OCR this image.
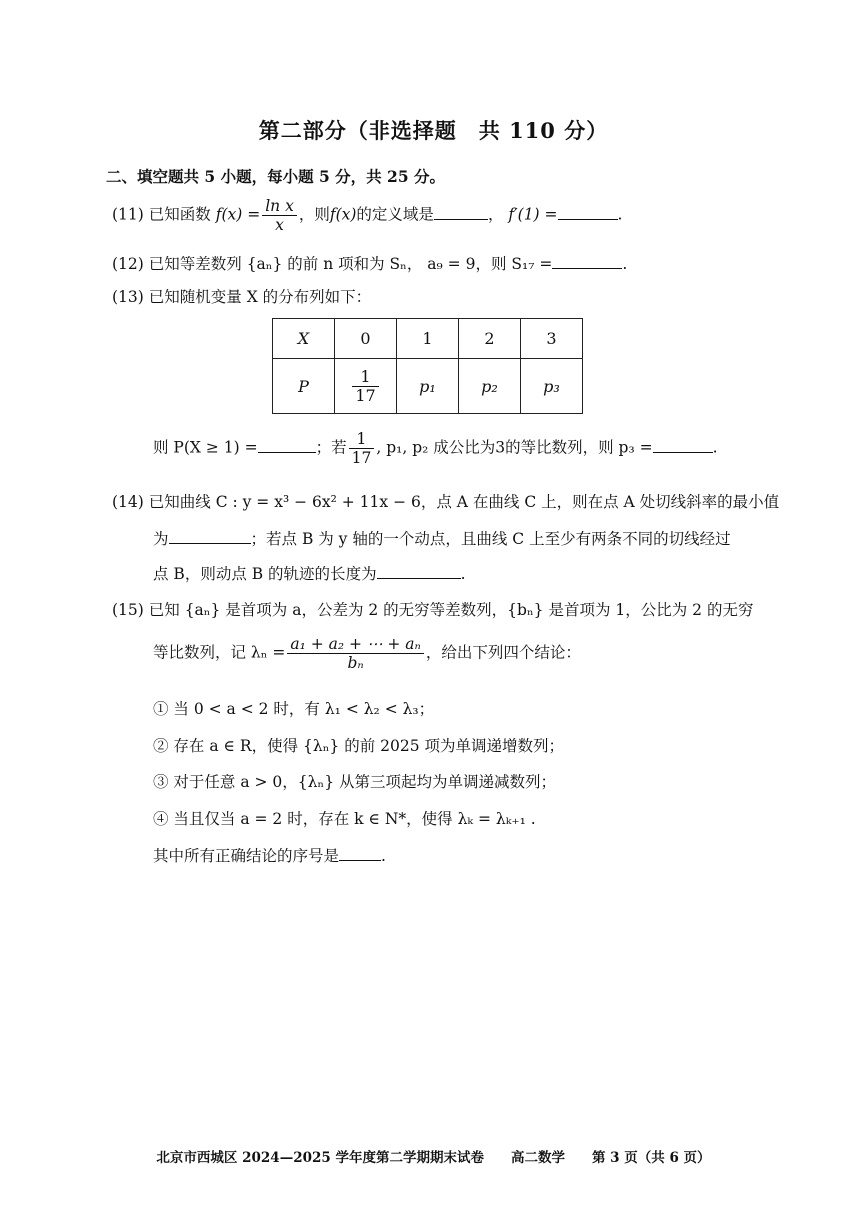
第二部分（非选择题　共 110 分）
二、填空题共 5 小题，每小题 5 分，共 25 分。
(11) 已知函数 $f(x) = \frac{\text{ln x}}{x}$ ，则f(x)的定义域是	， f′(1) =	.
(12) 已知等差数列 {aₙ} 的前 n 项和为 Sₙ， a₉ = 9，则 S₁₇ =	.
(13) 已知随机变量 X 的分布列如下：
X	0	1	2	3
P	$\frac{1}{17}$	p₁	p₂	p₃
则 P(X ≥ 1) =	；若 $\frac{1}{17}$ , p₁, p₂ 成公比为3的等比数列，则 p₃ =	.
(14) 已知曲线 C : y = x³ − 6x² + 11x − 6，点 A 在曲线 C 上，则在点 A 处切线斜率的最小值
为	；若点 B 为 y 轴的一个动点，且曲线 C 上至少有两条不同的切线经过
点 B，则动点 B 的轨迹的长度为	.
(15) 已知 {aₙ} 是首项为 a，公差为 2 的无穷等差数列，{bₙ} 是首项为 1，公比为 2 的无穷
等比数列，记 $\lambda_n = \frac{\text{a₁ + a₂ + ⋯ + aₙ}}{\text{bₙ}}$ ，给出下列四个结论：
① 当 0 < a < 2 时，有 λ₁ < λ₂ < λ₃；
② 存在 a ∈ R，使得 {λₙ} 的前 2025 项为单调递增数列；
③ 对于任意 a > 0，{λₙ} 从第三项起均为单调递减数列；
④ 当且仅当 a = 2 时，存在 k ∈ N*，使得 λₖ = λₖ₊₁ .
其中所有正确结论的序号是	.
北京市西城区 2024—2025 学年度第二学期期末试卷　　高二数学　　第 3 页（共 6 页）
